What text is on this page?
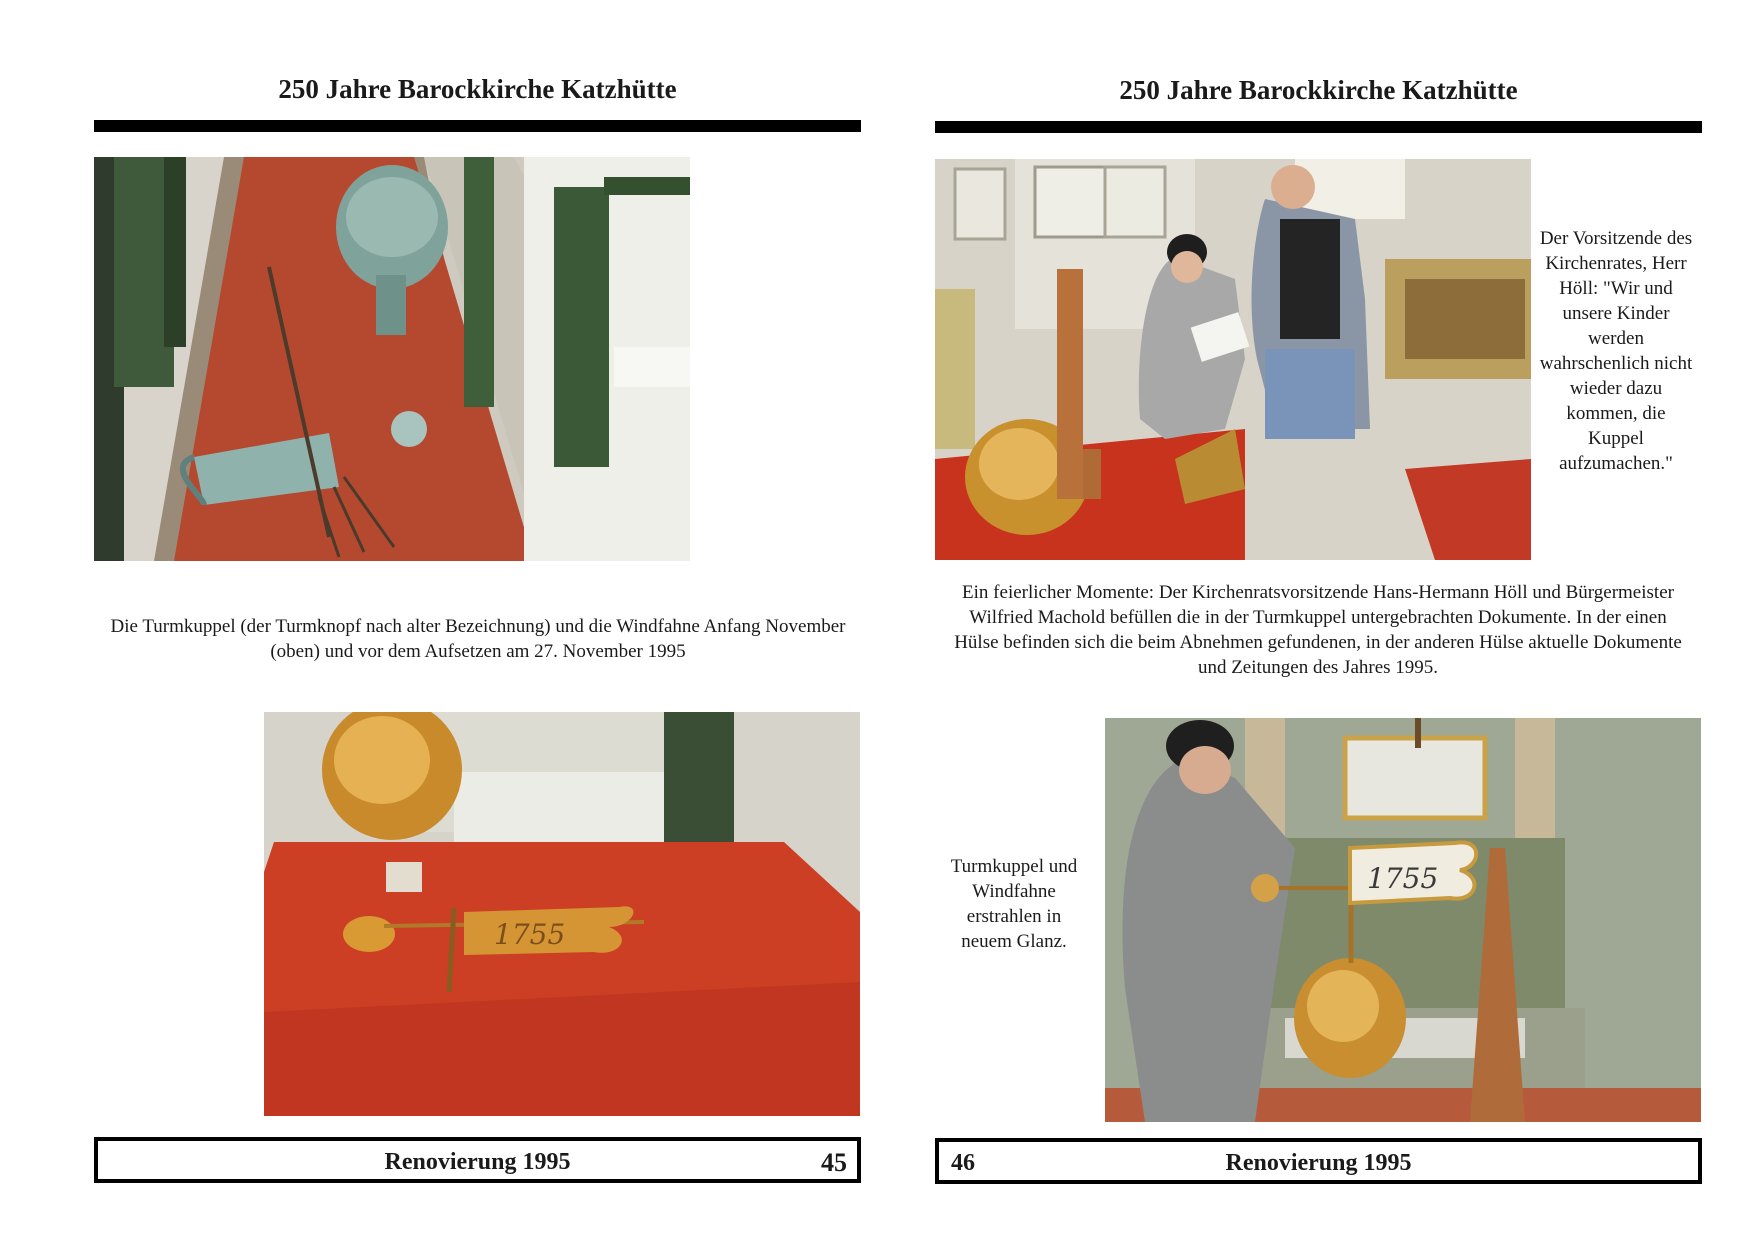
250 Jahre Barockkirche Katzhütte
Die Turmkuppel (der Turmknopf nach alter Bezeichnung) und die Windfahne Anfang November (oben) und vor dem Aufsetzen am 27. November 1995
1755
Renovierung 1995	45
250 Jahre Barockkirche Katzhütte
Der Vorsitzende des Kirchenrates, Herr Höll: "Wir und unsere Kinder werden wahrschenlich nicht wieder dazu kommen, die Kuppel aufzumachen."
Ein feierlicher Momente: Der Kirchenratsvorsitzende Hans-Hermann Höll und Bürgermeister Wilfried Machold befüllen die in der Turmkuppel untergebrachten Dokumente. In der einen Hülse befinden sich die beim Abnehmen gefundenen, in der anderen Hülse aktuelle Dokumente und Zeitungen des Jahres 1995.
Turmkuppel und Windfahne erstrahlen in neuem Glanz.
1755
46	Renovierung 1995
